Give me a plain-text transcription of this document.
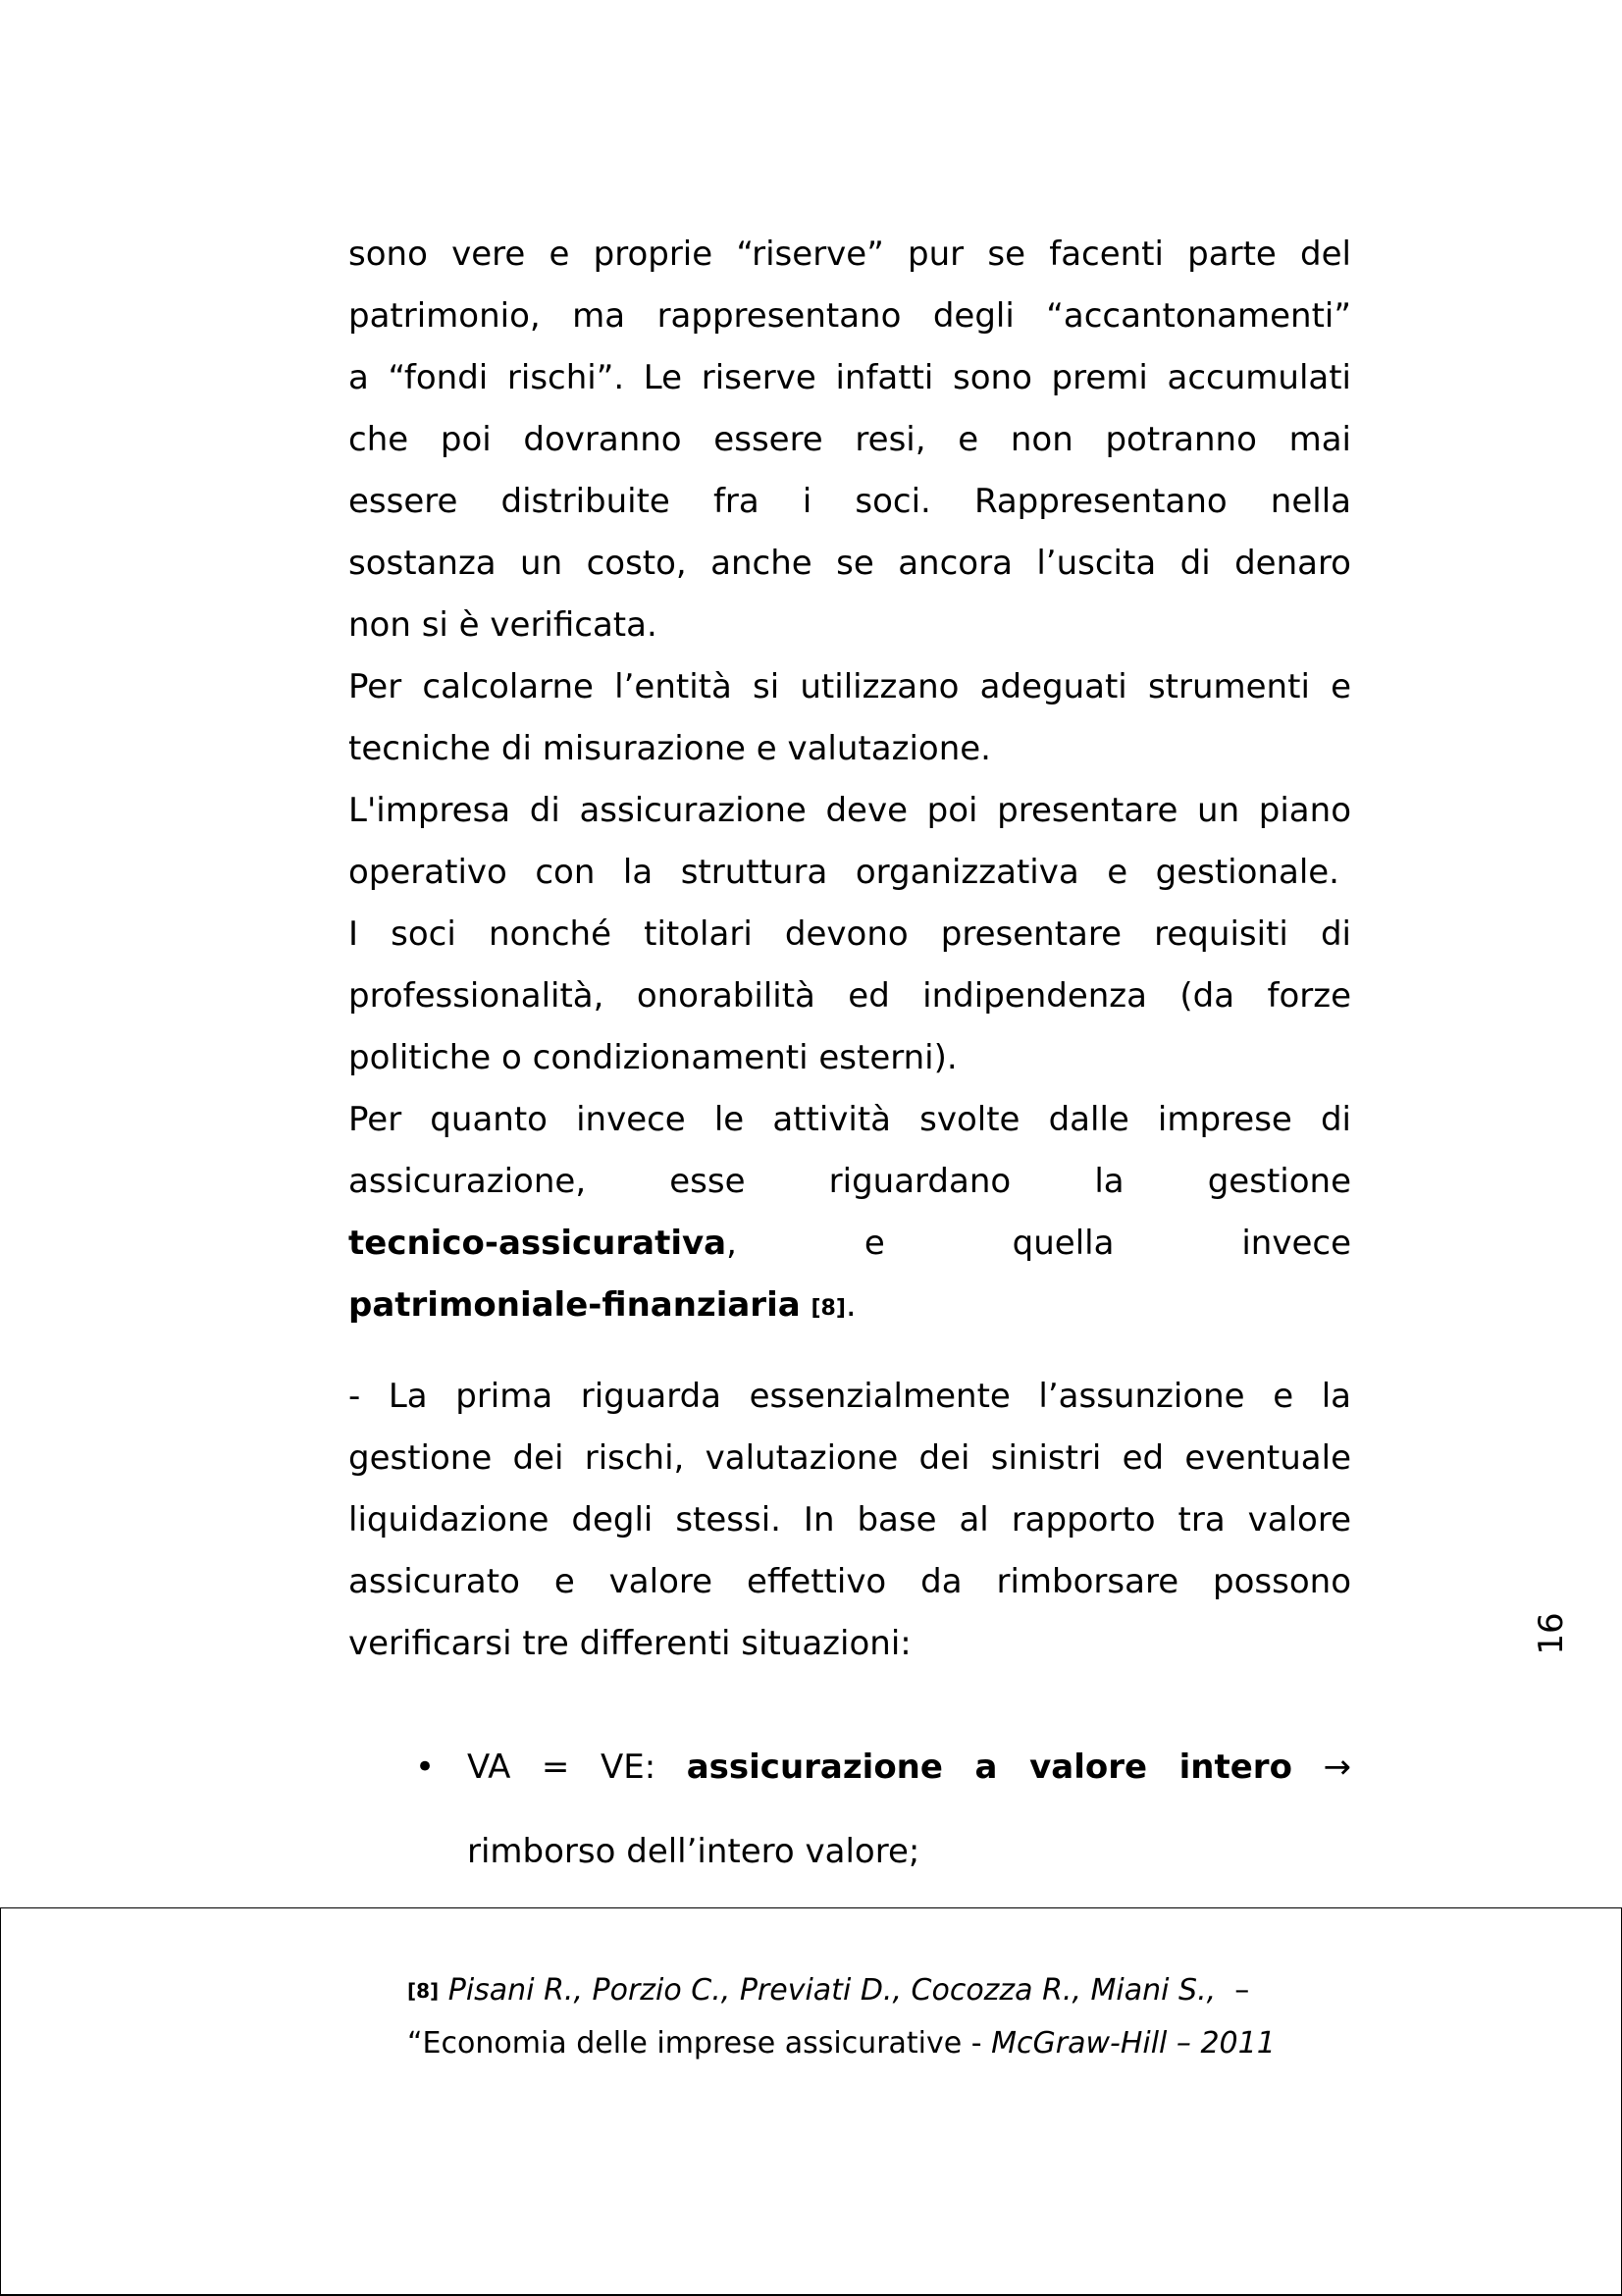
sono vere e proprie “riserve” pur se facenti parte del
patrimonio, ma rappresentano degli “accantonamenti”
a “fondi rischi”. Le riserve infatti sono premi accumulati
che poi dovranno essere resi, e non potranno mai
essere distribuite fra i soci. Rappresentano nella
sostanza un costo, anche se ancora l’uscita di denaro
non si è verificata.

Per calcolarne l’entità si utilizzano adeguati strumenti e
tecniche di misurazione e valutazione.

L'impresa di assicurazione deve poi presentare un piano
operativo con la struttura organizzativa e gestionale.

I soci nonché titolari devono presentare requisiti di
professionalità, onorabilità ed indipendenza (da forze
politiche o condizionamenti esterni).

Per quanto invece le attività svolte dalle imprese di
assicurazione, esse riguardano la gestione
tecnico-assicurativa, e quella invece
patrimoniale-finanziaria [8].

- La prima riguarda essenzialmente l’assunzione e la
gestione dei rischi, valutazione dei sinistri ed eventuale
liquidazione degli stessi. In base al rapporto tra valore
assicurato e valore effettivo da rimborsare possono
verificarsi tre differenti situazioni:

• VA = VE: assicurazione a valore intero →
rimborso dell’intero valore;
16
[8] Pisani R., Porzio C., Previati D., Cocozza R., Miani S.,  –
“Economia delle imprese assicurative - McGraw-Hill – 2011
